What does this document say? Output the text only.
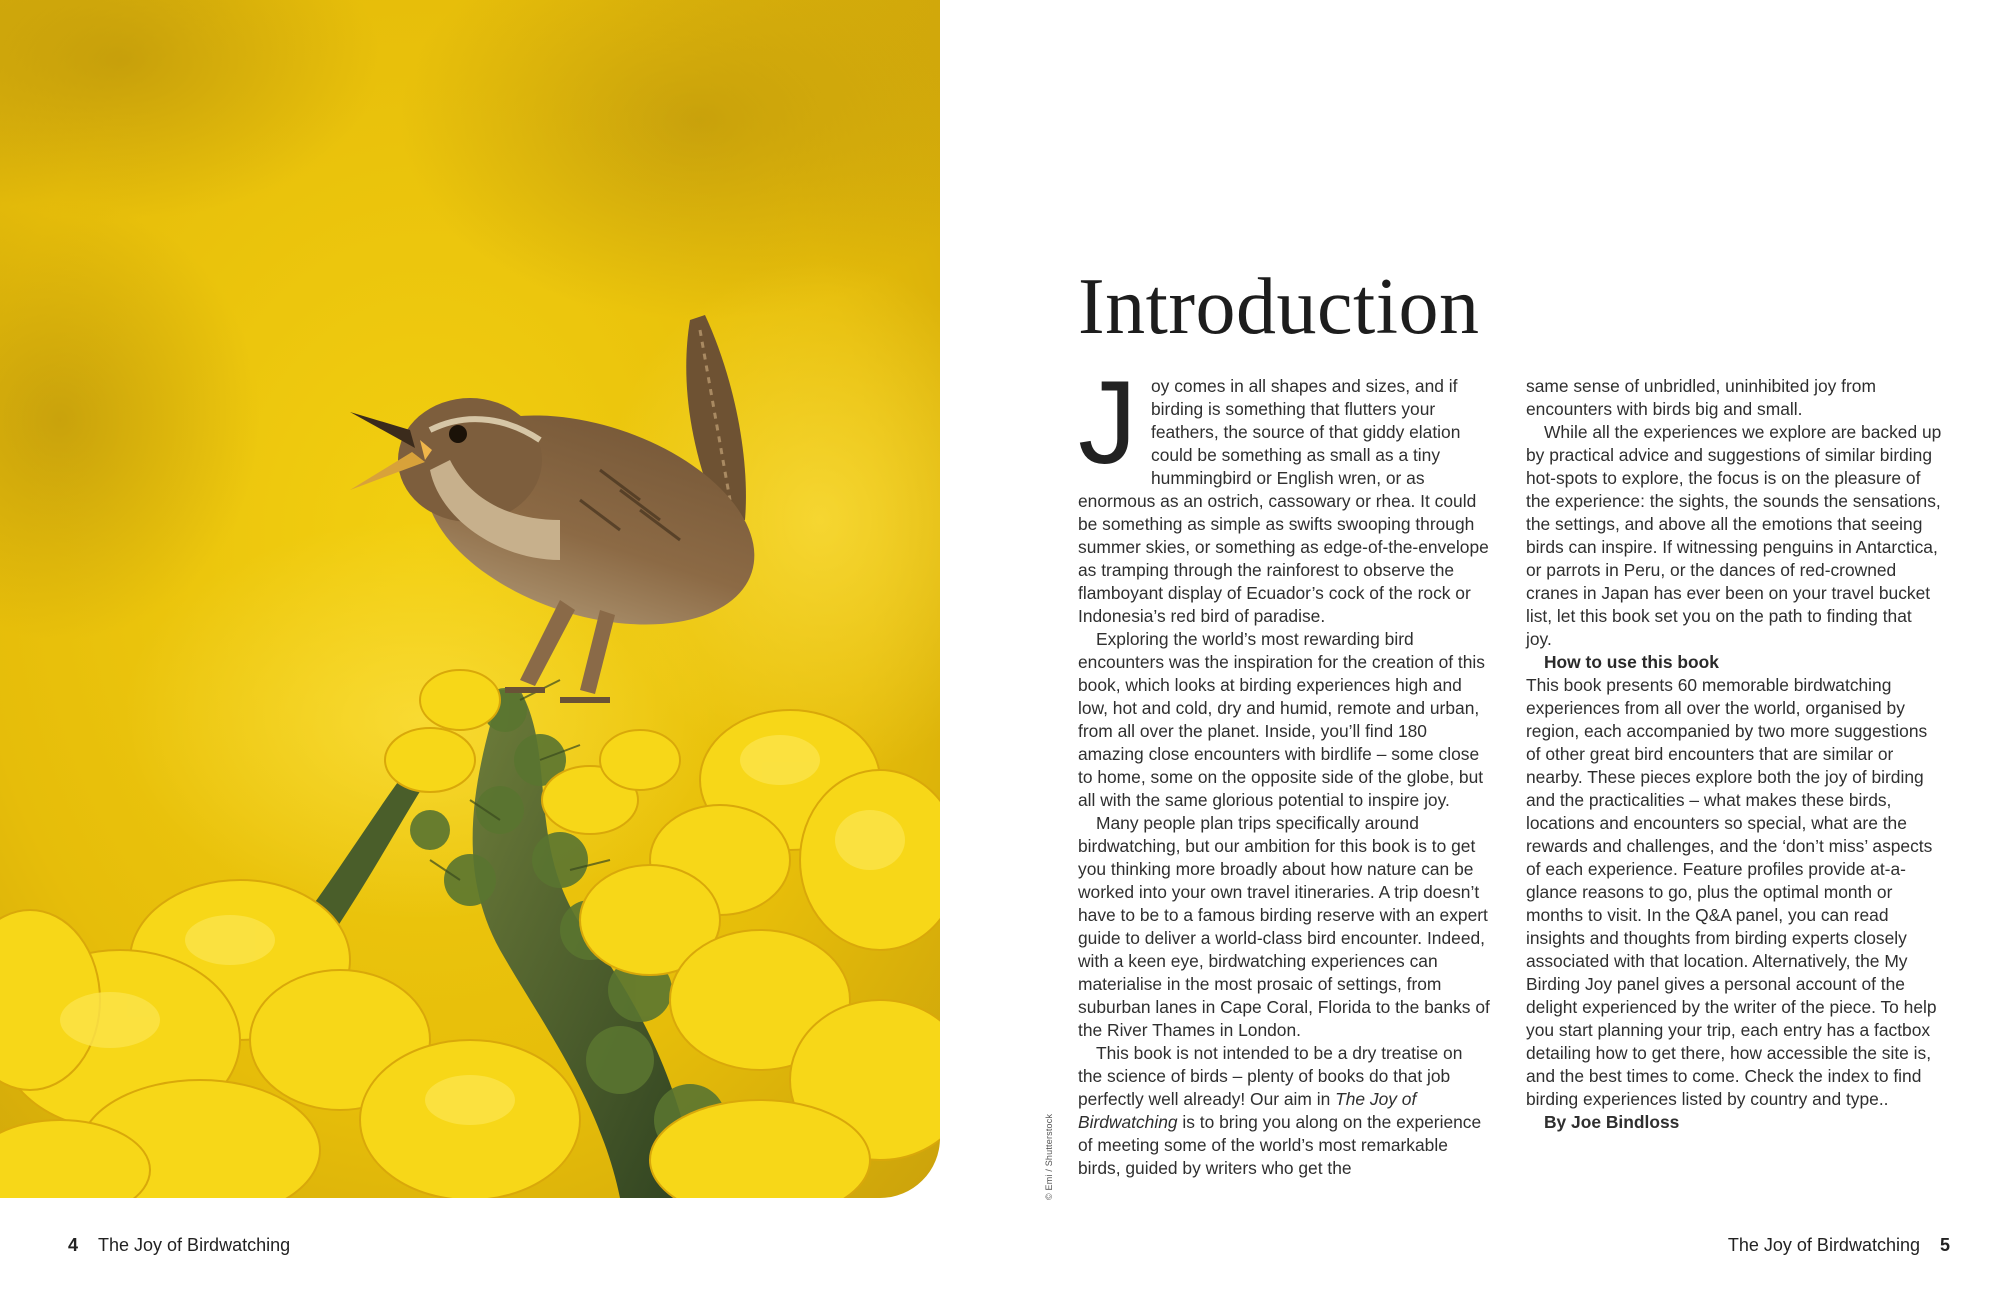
© Emi / Shutterstock
Introduction

Joy comes in all shapes and sizes, and if birding is something that flutters your feathers, the source of that giddy elation could be something as small as a tiny hummingbird or English wren, or as enormous as an ostrich, cassowary or rhea. It could be something as simple as swifts swooping through summer skies, or something as edge-of-the-envelope as tramping through the rainforest to observe the flamboyant display of Ecuador’s cock of the rock or Indonesia’s red bird of paradise.

Exploring the world’s most rewarding bird encounters was the inspiration for the creation of this book, which looks at birding experiences high and low, hot and cold, dry and humid, remote and urban, from all over the planet. Inside, you’ll find 180 amazing close encounters with birdlife – some close to home, some on the opposite side of the globe, but all with the same glorious potential to inspire joy.

Many people plan trips specifically around birdwatching, but our ambition for this book is to get you thinking more broadly about how nature can be worked into your own travel itineraries. A trip doesn’t have to be to a famous birding reserve with an expert guide to deliver a world-class bird encounter. Indeed, with a keen eye, birdwatching experiences can materialise in the most prosaic of settings, from suburban lanes in Cape Coral, Florida to the banks of the River Thames in London.

This book is not intended to be a dry treatise on the science of birds – plenty of books do that job perfectly well already! Our aim in The Joy of Birdwatching is to bring you along on the experience of meeting some of the world’s most remarkable birds, guided by writers who get the

same sense of unbridled, uninhibited joy from encounters with birds big and small.

While all the experiences we explore are backed up by practical advice and suggestions of similar birding hot-spots to explore, the focus is on the pleasure of the experience: the sights, the sounds the sensations, the settings, and above all the emotions that seeing birds can inspire. If witnessing penguins in Antarctica, or parrots in Peru, or the dances of red-crowned cranes in Japan has ever been on your travel bucket list, let this book set you on the path to finding that joy.

How to use this book

This book presents 60 memorable birdwatching experiences from all over the world, organised by region, each accompanied by two more suggestions of other great bird encounters that are similar or nearby. These pieces explore both the joy of birding and the practicalities – what makes these birds, locations and encounters so special, what are the rewards and challenges, and the ‘don’t miss’ aspects of each experience. Feature profiles provide at-a-glance reasons to go, plus the optimal month or months to visit. In the Q&A panel, you can read insights and thoughts from birding experts closely associated with that location. Alternatively, the My Birding Joy panel gives a personal account of the delight experienced by the writer of the piece. To help you start planning your trip, each entry has a factbox detailing how to get there, how accessible the site is, and the best times to come. Check the index to find birding experiences listed by country and type..

By Joe Bindloss

4 The Joy of Birdwatching	The Joy of Birdwatching 5
